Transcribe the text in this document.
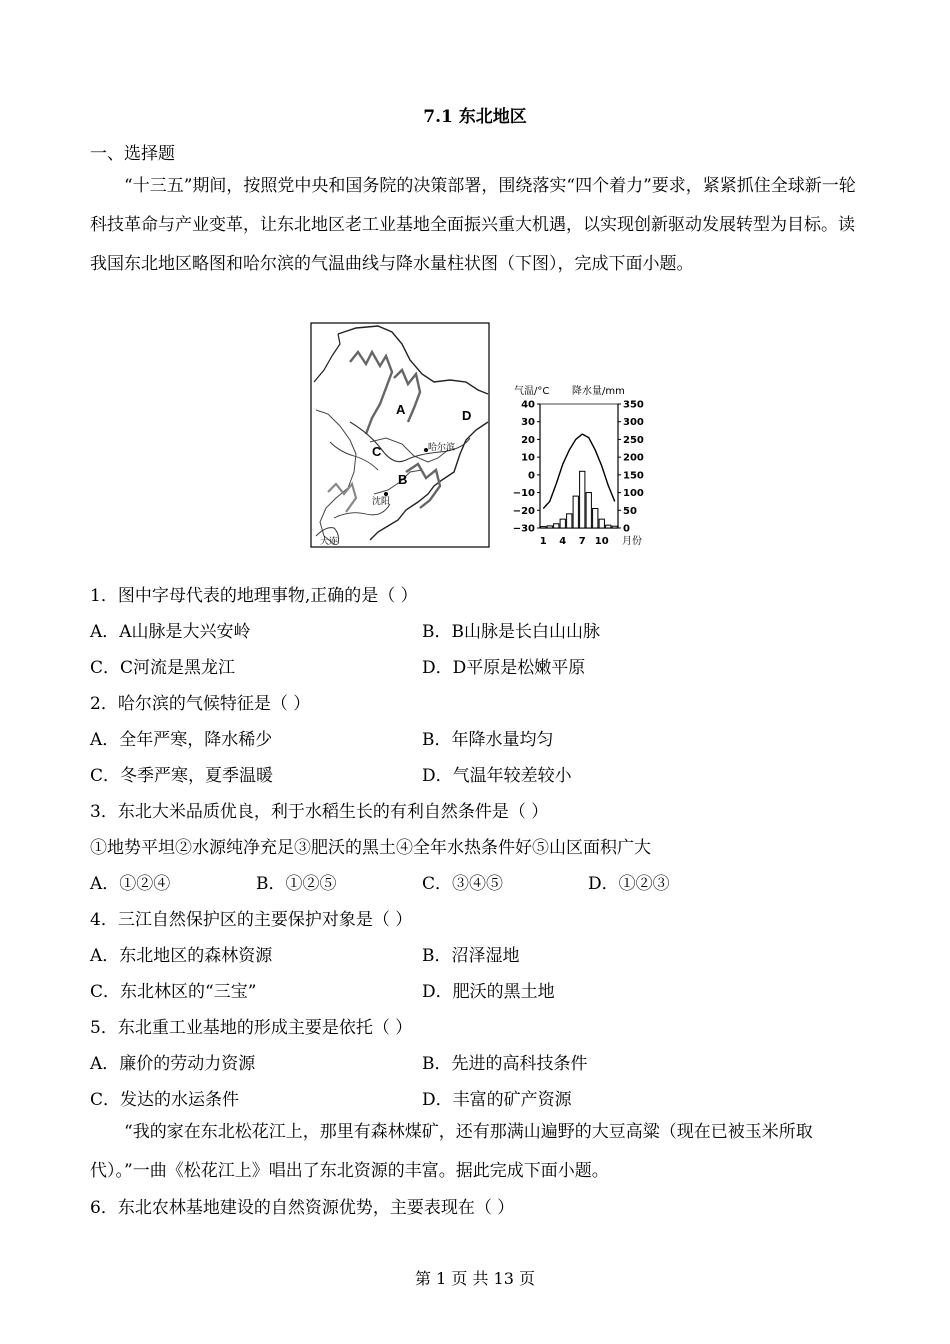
7.1 东北地区
一、选择题
“十三五”期间，按照党中央和国务院的决策部署，围绕落实“四个着力”要求，紧紧抓住全球新一轮科技革命与产业变革，让东北地区老工业基地全面振兴重大机遇，以实现创新驱动发展转型为目标。读我国东北地区略图和哈尔滨的气温曲线与降水量柱状图（下图），完成下面小题。
A	D
C
B
哈尔滨
沈阳
大连
气温/°C 降水量/mm
40
30
20
10
0
−10
−20
−30
350
300
250
200
150
100
50
0
1 4 7 10 月份
1．图中字母代表的地理事物,正确的是（ ）
A．A山脉是大兴安岭	B．B山脉是长白山山脉
C．C河流是黑龙江	D．D平原是松嫩平原
2．哈尔滨的气候特征是（ ）
A．全年严寒，降水稀少	B．年降水量均匀
C．冬季严寒，夏季温暖	D．气温年较差较小
3．东北大米品质优良，利于水稻生长的有利自然条件是（ ）
①地势平坦②水源纯净充足③肥沃的黑土④全年水热条件好⑤山区面积广大
A．①②④	B．①②⑤	C．③④⑤	D．①②③
4．三江自然保护区的主要保护对象是（ ）
A．东北地区的森林资源	B．沼泽湿地
C．东北林区的“三宝”	D．肥沃的黑土地
5．东北重工业基地的形成主要是依托（ ）
A．廉价的劳动力资源	B．先进的高科技条件
C．发达的水运条件	D．丰富的矿产资源
“我的家在东北松花江上，那里有森林煤矿，还有那满山遍野的大豆高粱（现在已被玉米所取代）。”一曲《松花江上》唱出了东北资源的丰富。据此完成下面小题。
6．东北农林基地建设的自然资源优势，主要表现在（ ）
第 1 页 共 13 页
